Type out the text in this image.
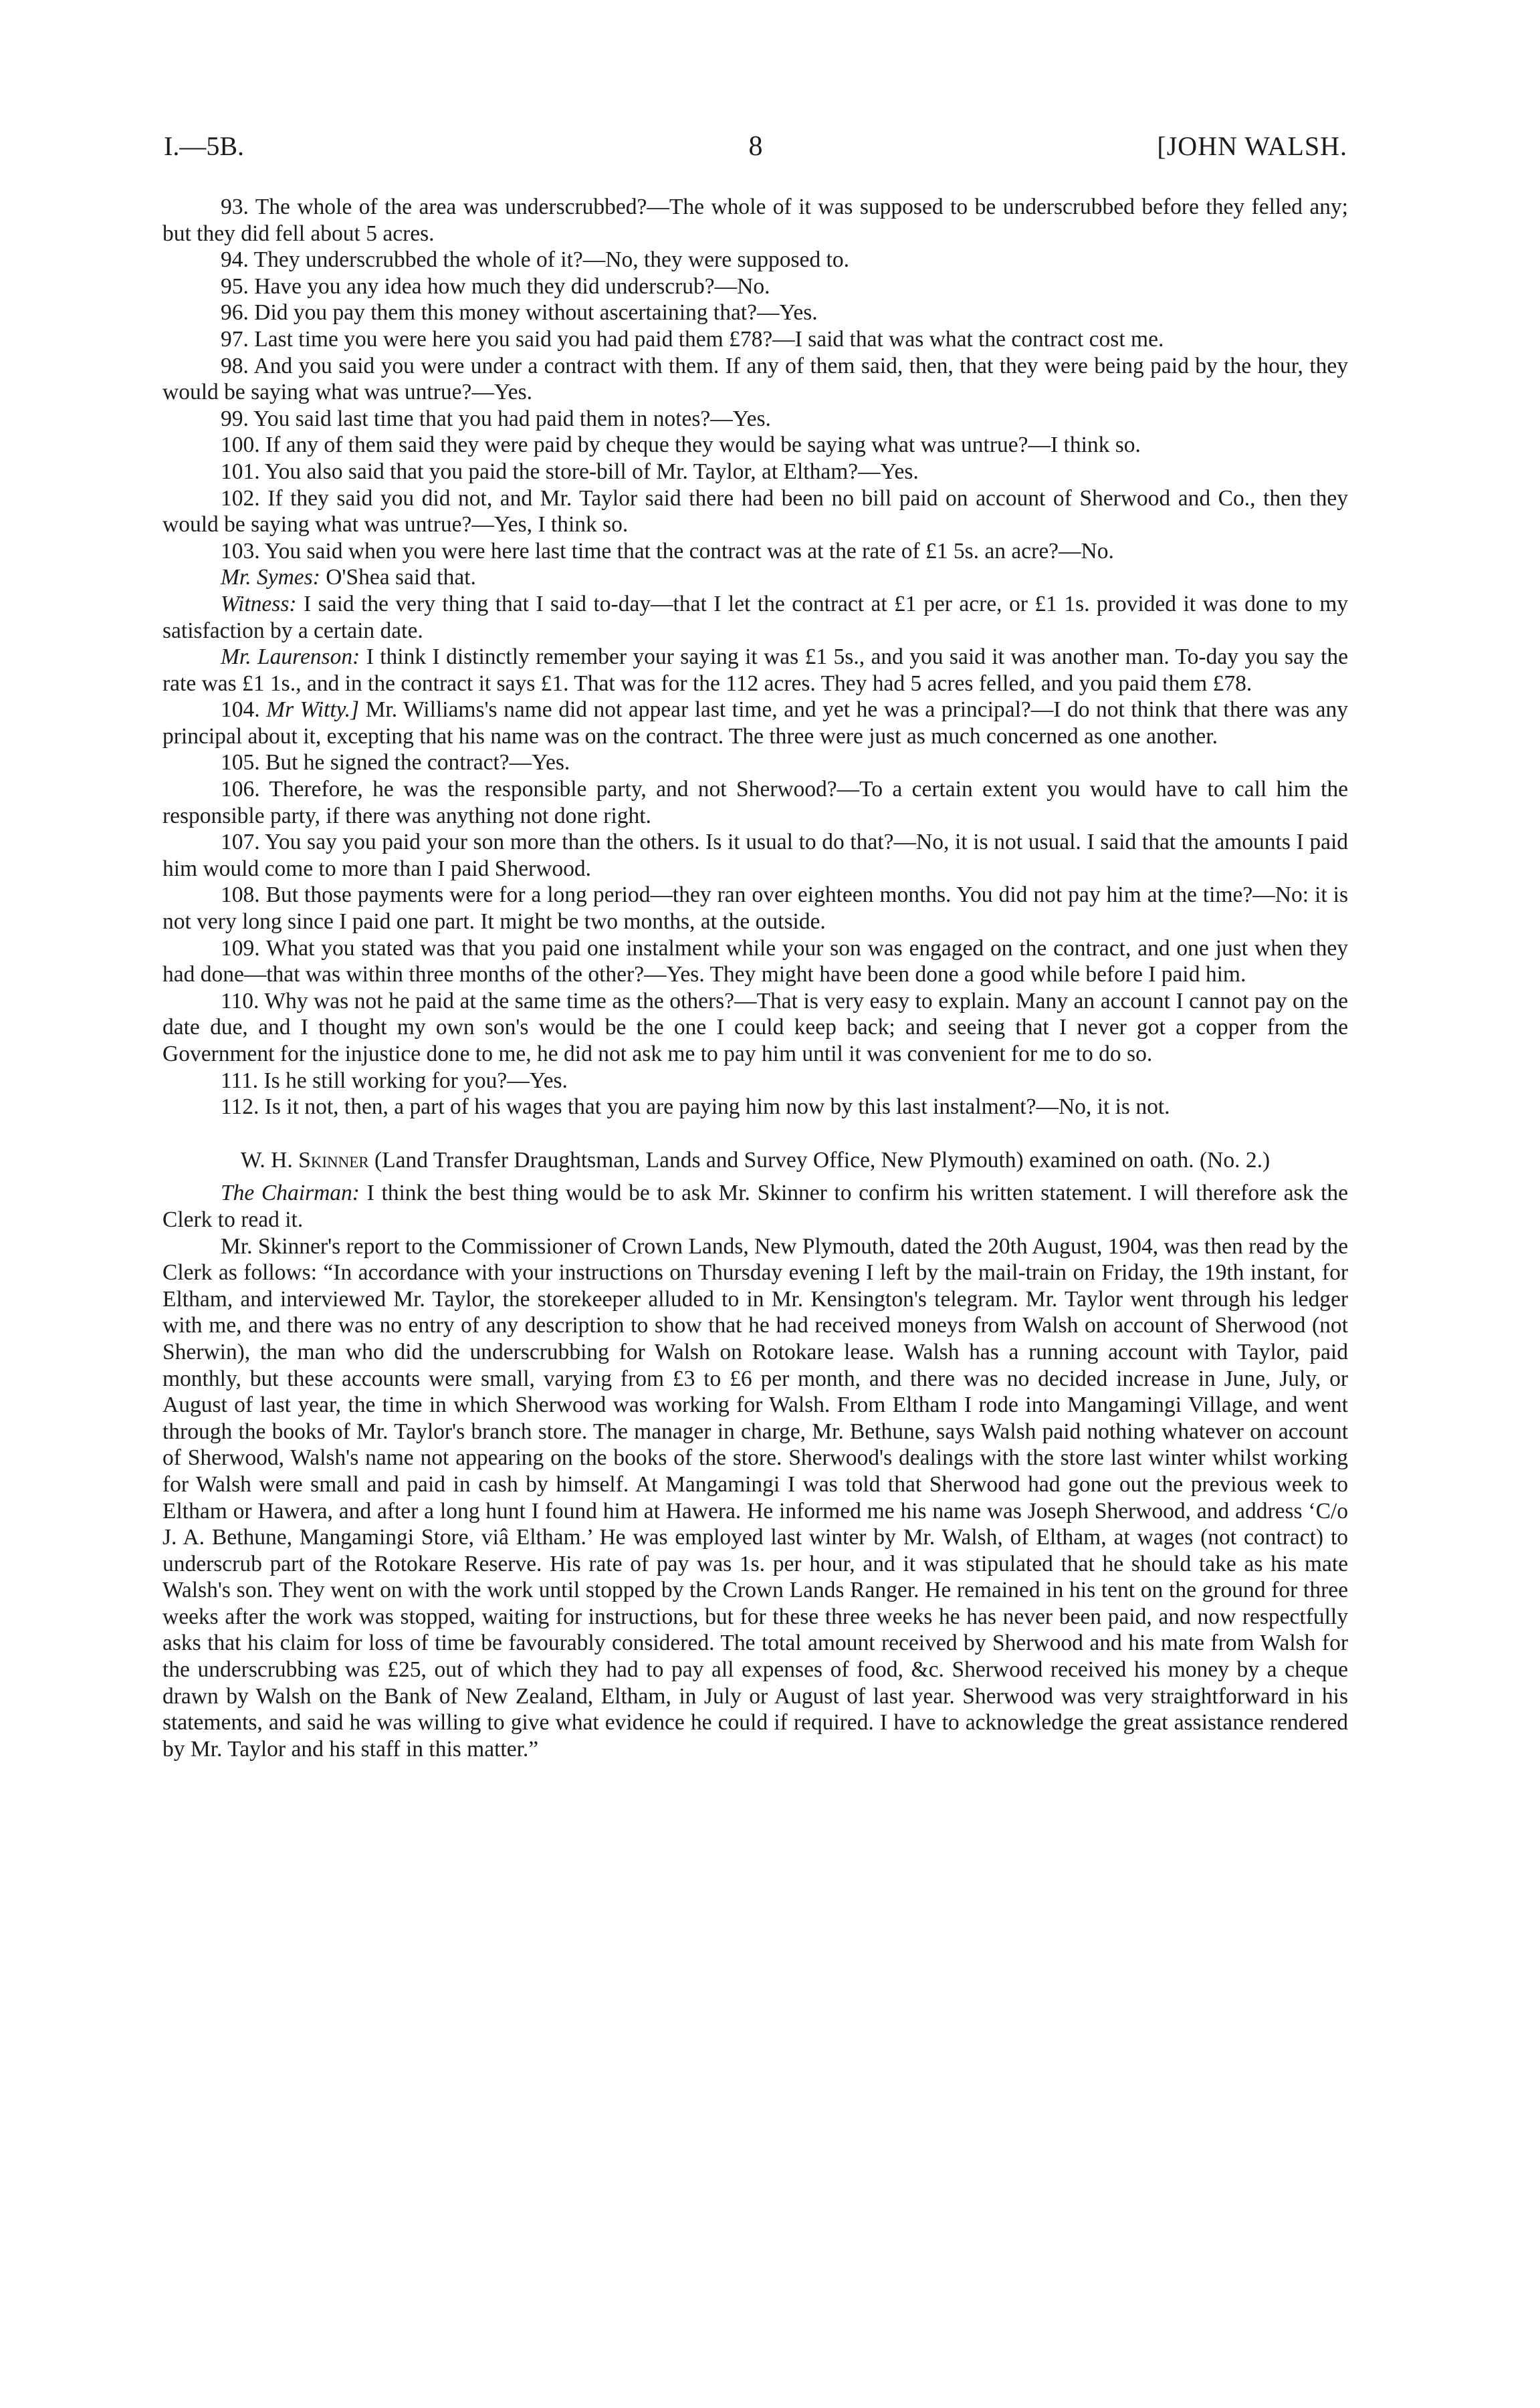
I.—5B.	8	[JOHN WALSH.

93. The whole of the area was underscrubbed?—The whole of it was supposed to be underscrubbed before they felled any; but they did fell about 5 acres.

94. They underscrubbed the whole of it?—No, they were supposed to.

95. Have you any idea how much they did underscrub?—No.

96. Did you pay them this money without ascertaining that?—Yes.

97. Last time you were here you said you had paid them £78?—I said that was what the contract cost me.

98. And you said you were under a contract with them. If any of them said, then, that they were being paid by the hour, they would be saying what was untrue?—Yes.

99. You said last time that you had paid them in notes?—Yes.

100. If any of them said they were paid by cheque they would be saying what was untrue?—I think so.

101. You also said that you paid the store-bill of Mr. Taylor, at Eltham?—Yes.

102. If they said you did not, and Mr. Taylor said there had been no bill paid on account of Sherwood and Co., then they would be saying what was untrue?—Yes, I think so.

103. You said when you were here last time that the contract was at the rate of £1 5s. an acre?—No.

Mr. Symes: O'Shea said that.

Witness: I said the very thing that I said to-day—that I let the contract at £1 per acre, or £1 1s. provided it was done to my satisfaction by a certain date.

Mr. Laurenson: I think I distinctly remember your saying it was £1 5s., and you said it was another man. To-day you say the rate was £1 1s., and in the contract it says £1. That was for the 112 acres. They had 5 acres felled, and you paid them £78.

104. Mr Witty.] Mr. Williams's name did not appear last time, and yet he was a principal?—I do not think that there was any principal about it, excepting that his name was on the contract. The three were just as much concerned as one another.

105. But he signed the contract?—Yes.

106. Therefore, he was the responsible party, and not Sherwood?—To a certain extent you would have to call him the responsible party, if there was anything not done right.

107. You say you paid your son more than the others. Is it usual to do that?—No, it is not usual. I said that the amounts I paid him would come to more than I paid Sherwood.

108. But those payments were for a long period—they ran over eighteen months. You did not pay him at the time?—No: it is not very long since I paid one part. It might be two months, at the outside.

109. What you stated was that you paid one instalment while your son was engaged on the contract, and one just when they had done—that was within three months of the other?—Yes. They might have been done a good while before I paid him.

110. Why was not he paid at the same time as the others?—That is very easy to explain. Many an account I cannot pay on the date due, and I thought my own son's would be the one I could keep back; and seeing that I never got a copper from the Government for the injustice done to me, he did not ask me to pay him until it was convenient for me to do so.

111. Is he still working for you?—Yes.

112. Is it not, then, a part of his wages that you are paying him now by this last instalment?—No, it is not.

W. H. Skinner (Land Transfer Draughtsman, Lands and Survey Office, New Plymouth) examined on oath. (No. 2.)

The Chairman: I think the best thing would be to ask Mr. Skinner to confirm his written statement. I will therefore ask the Clerk to read it.

Mr. Skinner's report to the Commissioner of Crown Lands, New Plymouth, dated the 20th August, 1904, was then read by the Clerk as follows: “In accordance with your instructions on Thursday evening I left by the mail-train on Friday, the 19th instant, for Eltham, and interviewed Mr. Taylor, the storekeeper alluded to in Mr. Kensington's telegram. Mr. Taylor went through his ledger with me, and there was no entry of any description to show that he had received moneys from Walsh on account of Sherwood (not Sherwin), the man who did the underscrubbing for Walsh on Rotokare lease. Walsh has a running account with Taylor, paid monthly, but these accounts were small, varying from £3 to £6 per month, and there was no decided increase in June, July, or August of last year, the time in which Sherwood was working for Walsh. From Eltham I rode into Mangamingi Village, and went through the books of Mr. Taylor's branch store. The manager in charge, Mr. Bethune, says Walsh paid nothing whatever on account of Sherwood, Walsh's name not appearing on the books of the store. Sherwood's dealings with the store last winter whilst working for Walsh were small and paid in cash by himself. At Mangamingi I was told that Sherwood had gone out the previous week to Eltham or Hawera, and after a long hunt I found him at Hawera. He informed me his name was Joseph Sherwood, and address ‘C/o J. A. Bethune, Mangamingi Store, viâ Eltham.’ He was employed last winter by Mr. Walsh, of Eltham, at wages (not contract) to underscrub part of the Rotokare Reserve. His rate of pay was 1s. per hour, and it was stipulated that he should take as his mate Walsh's son. They went on with the work until stopped by the Crown Lands Ranger. He remained in his tent on the ground for three weeks after the work was stopped, waiting for instructions, but for these three weeks he has never been paid, and now respectfully asks that his claim for loss of time be favourably considered. The total amount received by Sherwood and his mate from Walsh for the underscrubbing was £25, out of which they had to pay all expenses of food, &c. Sherwood received his money by a cheque drawn by Walsh on the Bank of New Zealand, Eltham, in July or August of last year. Sherwood was very straightforward in his statements, and said he was willing to give what evidence he could if required. I have to acknowledge the great assistance rendered by Mr. Taylor and his staff in this matter.”
